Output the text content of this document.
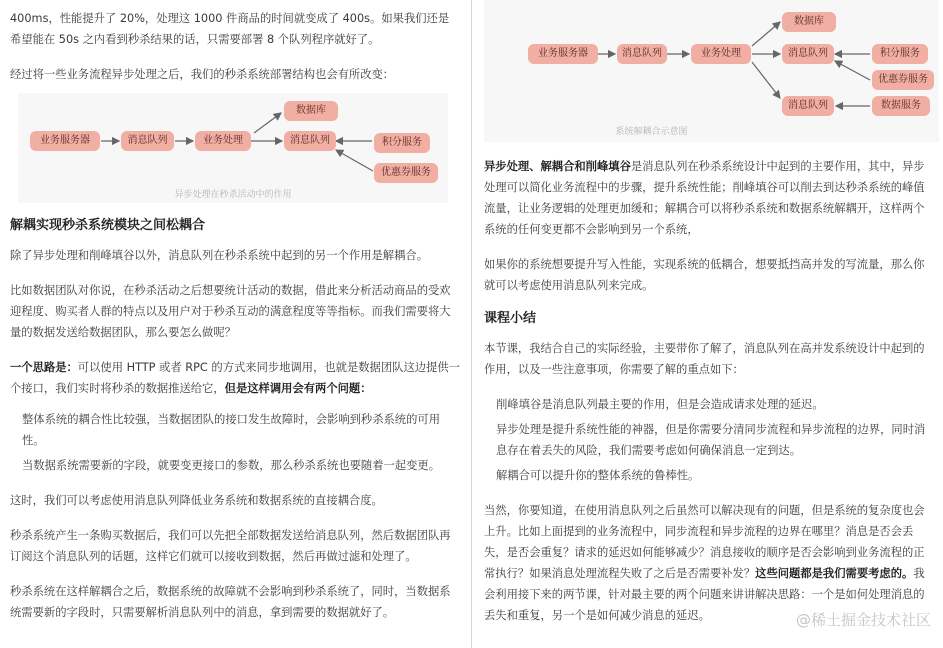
400ms，性能提升了 20%，处理这 1000 件商品的时间就变成了 400s。如果我们还是希望能在 50s 之内看到秒杀结果的话，只需要部署 8 个队列程序就好了。

经过将一些业务流程异步处理之后，我们的秒杀系统部署结构也会有所改变：

业务服务器	消息队列	业务处理
数据库
消息队列	积分服务
优惠券服务
异步处理在秒杀活动中的作用
解耦实现秒杀系统模块之间松耦合

除了异步处理和削峰填谷以外，消息队列在秒杀系统中起到的另一个作用是解耦合。

比如数据团队对你说，在秒杀活动之后想要统计活动的数据，借此来分析活动商品的受欢迎程度、购买者人群的特点以及用户对于秒杀互动的满意程度等等指标。而我们需要将大量的数据发送给数据团队，那么要怎么做呢？

一个思路是：可以使用 HTTP 或者 RPC 的方式来同步地调用，也就是数据团队这边提供一个接口，我们实时将秒杀的数据推送给它，但是这样调用会有两个问题：

整体系统的耦合性比较强，当数据团队的接口发生故障时，会影响到秒杀系统的可用性。

当数据系统需要新的字段，就要变更接口的参数，那么秒杀系统也要随着一起变更。

这时，我们可以考虑使用消息队列降低业务系统和数据系统的直接耦合度。

秒杀系统产生一条购买数据后，我们可以先把全部数据发送给消息队列，然后数据团队再订阅这个消息队列的话题，这样它们就可以接收到数据，然后再做过滤和处理了。

秒杀系统在这样解耦合之后，数据系统的故障就不会影响到秒杀系统了，同时，当数据系统需要新的字段时，只需要解析消息队列中的消息，拿到需要的数据就好了。

业务服务器	消息队列	业务处理
数据库
消息队列	积分服务
优惠券服务
消息队列	数据服务
系统解耦合示意图

异步处理、解耦合和削峰填谷是消息队列在秒杀系统设计中起到的主要作用，其中，异步处理可以简化业务流程中的步骤，提升系统性能；削峰填谷可以削去到达秒杀系统的峰值流量，让业务逻辑的处理更加缓和；解耦合可以将秒杀系统和数据系统解耦开，这样两个系统的任何变更都不会影响到另一个系统，

如果你的系统想要提升写入性能，实现系统的低耦合，想要抵挡高并发的写流量，那么你就可以考虑使用消息队列来完成。

课程小结

本节课，我结合自己的实际经验，主要带你了解了，消息队列在高并发系统设计中起到的作用，以及一些注意事项，你需要了解的重点如下：

削峰填谷是消息队列最主要的作用，但是会造成请求处理的延迟。

异步处理是提升系统性能的神器，但是你需要分清同步流程和异步流程的边界，同时消息存在着丢失的风险，我们需要考虑如何确保消息一定到达。

解耦合可以提升你的整体系统的鲁棒性。

当然，你要知道，在使用消息队列之后虽然可以解决现有的问题，但是系统的复杂度也会上升。比如上面提到的业务流程中，同步流程和异步流程的边界在哪里？消息是否会丢失，是否会重复？请求的延迟如何能够减少？消息接收的顺序是否会影响到业务流程的正常执行？如果消息处理流程失败了之后是否需要补发？这些问题都是我们需要考虑的。我会利用接下来的两节课，针对最主要的两个问题来讲讲解决思路：一个是如何处理消息的丢失和重复，另一个是如何减少消息的延迟。	@稀土掘金技术社区
